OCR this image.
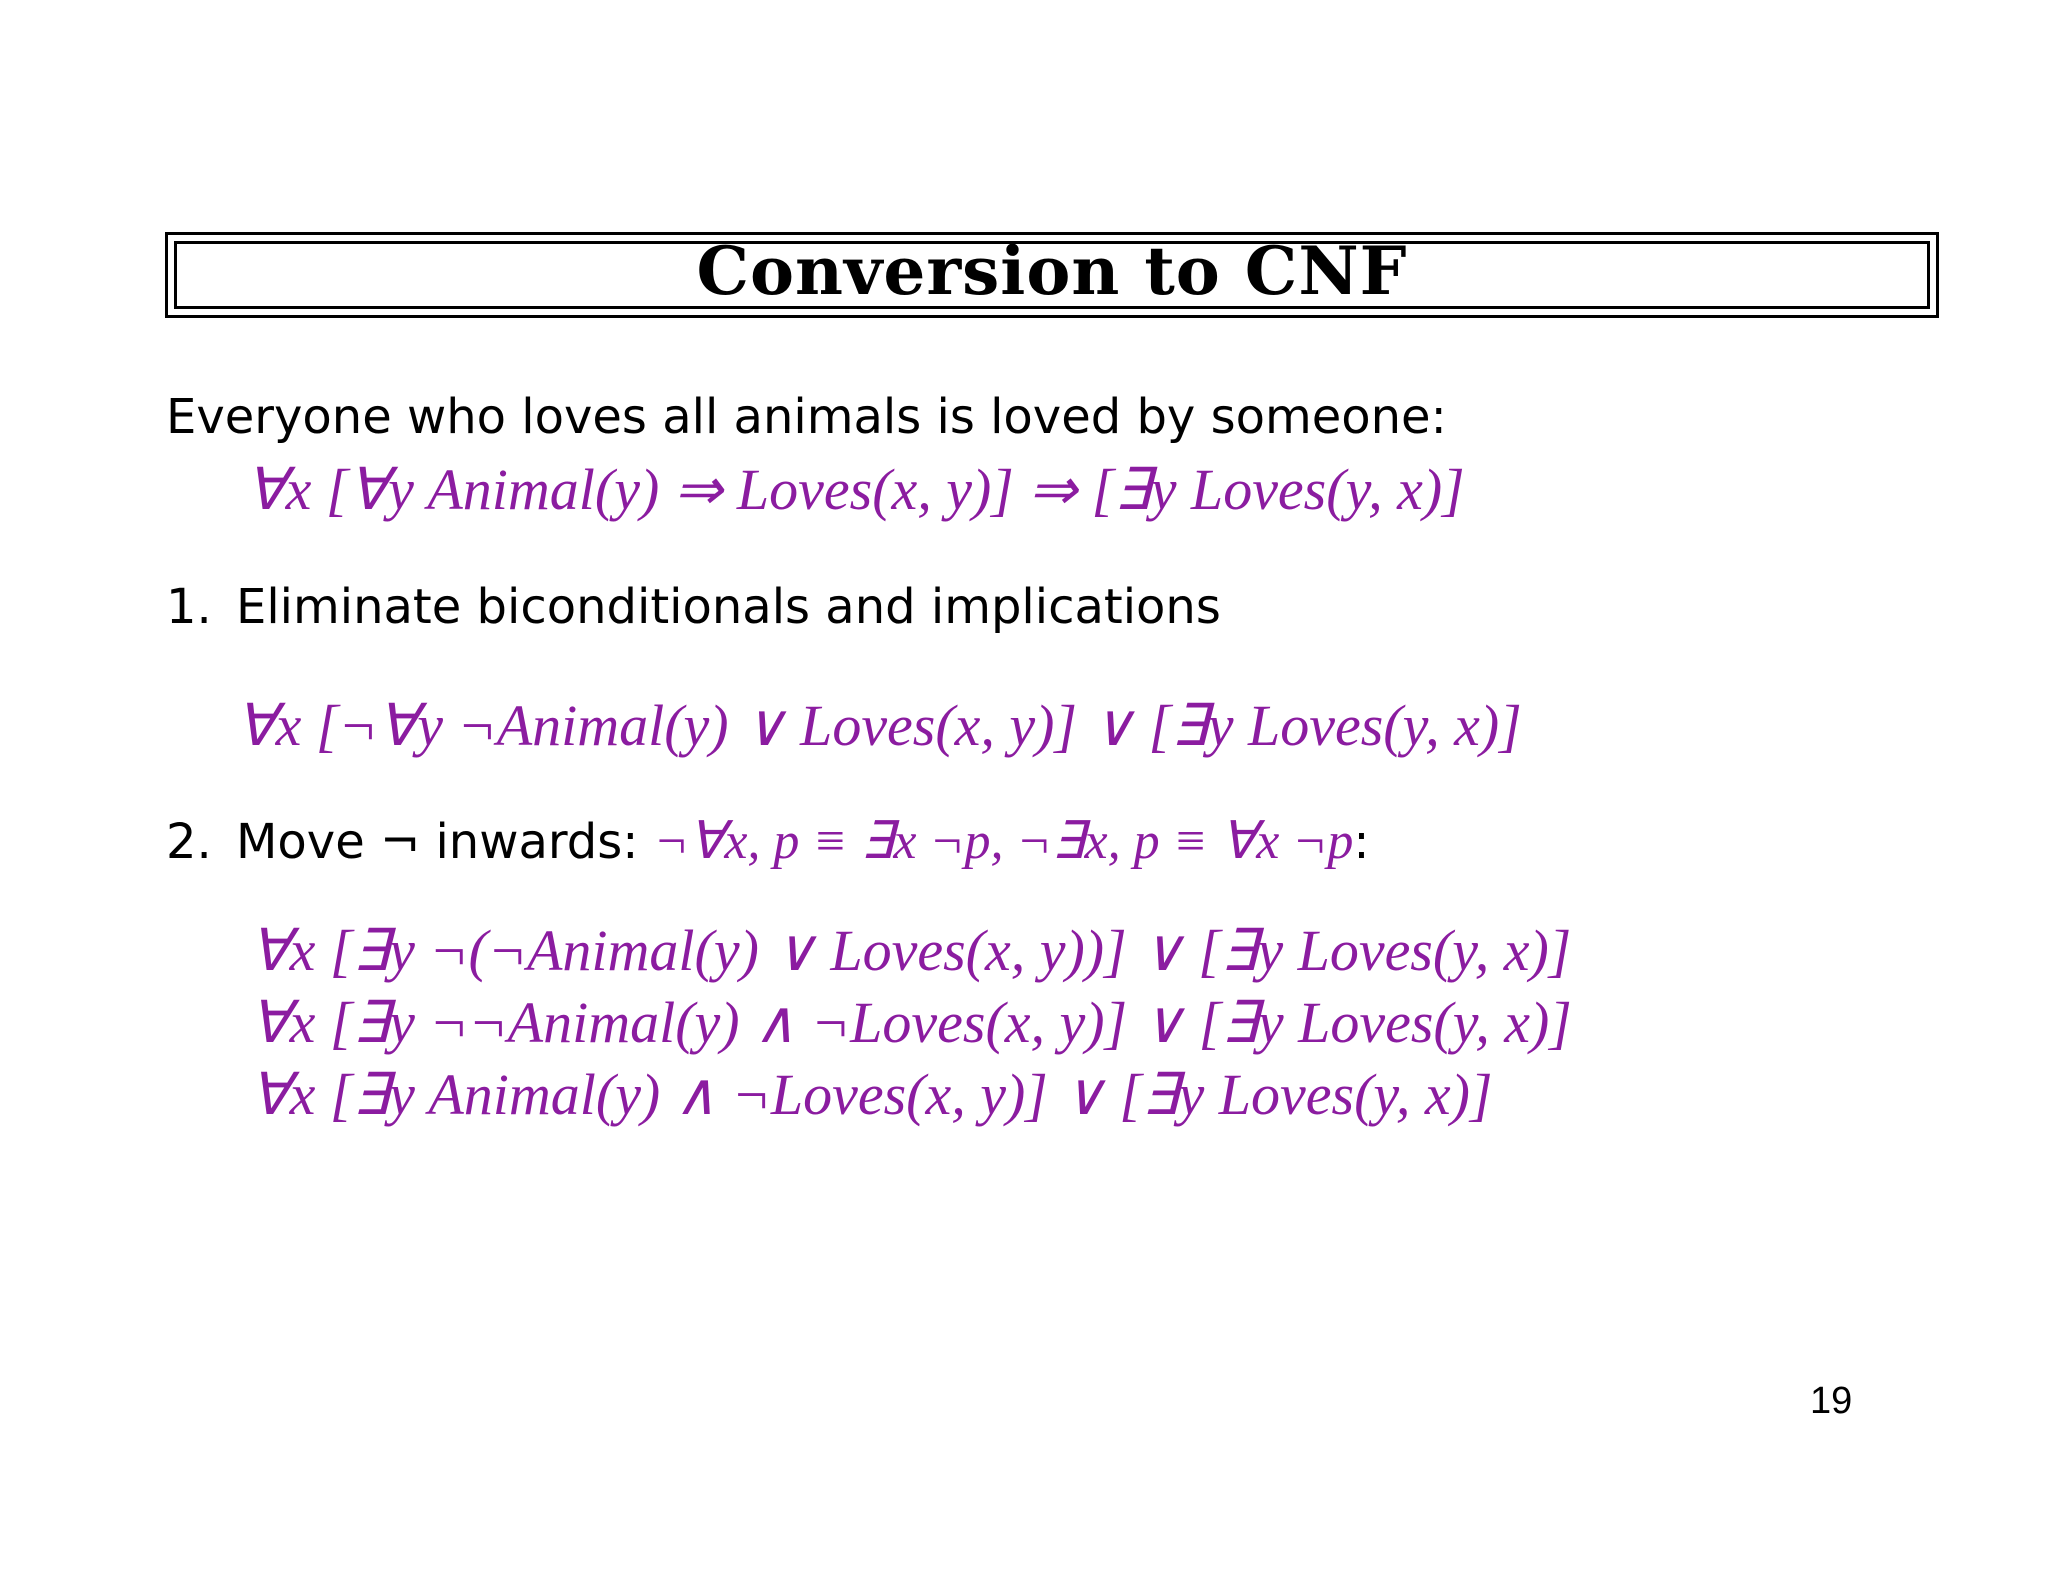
Conversion to CNF
Everyone who loves all animals is loved by someone:
∀x [∀y Animal(y) ⇒ Loves(x, y)] ⇒ [∃y Loves(y, x)]
1. Eliminate biconditionals and implications
∀x [¬∀y ¬Animal(y) ∨ Loves(x, y)] ∨ [∃y Loves(y, x)]
2. Move ¬ inwards: ¬∀x, p ≡ ∃x ¬p, ¬∃x, p ≡ ∀x ¬p:
∀x [∃y ¬(¬Animal(y) ∨ Loves(x, y))] ∨ [∃y Loves(y, x)]
∀x [∃y ¬¬Animal(y) ∧ ¬Loves(x, y)] ∨ [∃y Loves(y, x)]
∀x [∃y Animal(y) ∧ ¬Loves(x, y)] ∨ [∃y Loves(y, x)]
19
